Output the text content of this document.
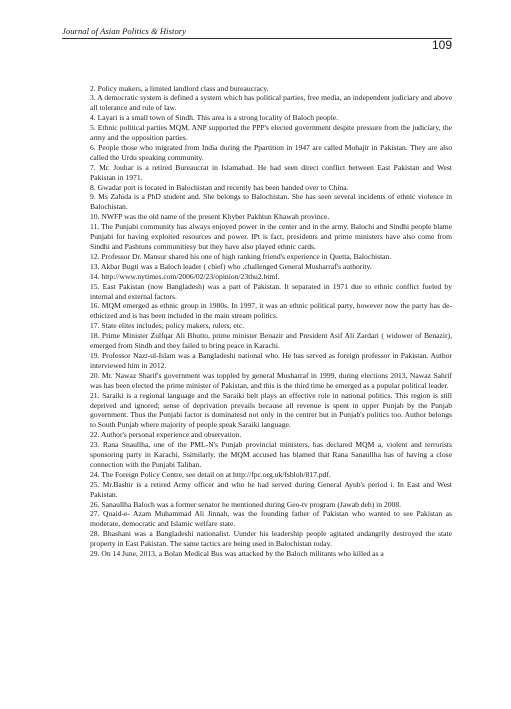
Journal of Asian Politics & History
109

2. Policy makers, a limited landlord class and bureaucracy.

3. A democratic system is defined a system which has political parties, free media, an independent judiciary and above all tolerance and rule of law.

4. Layari is a small town of Sindh. This area is a strong locality of Baloch people.

5. Ethnic political parties MQM, ANP supported the PPP's elected government despite pressure from the judiciary, the army and the opposition parties.

6. People those who migrated from India during the Ppartition in 1947 are called Mohajir in Pakistan. They are also called the Urdu speaking community.

7. Mr. Jouhar is a retired Bureaucrat in Islamabad. He had seen direct conflict between East Pakistan and West Pakistan in 1971.

8. Gwadar port is located in Balochistan and recently has been handed over to China.

9. Ms Zahida is a PhD student and. She belongs to Balochistan. She has seen several incidents of ethnic violence in Balochistan.

10. NWFP was the old name of the present Khyber Pakhtun Khawah province.

11. The Punjabi community has always enjoyed power in the center and in the army. Balochi and Sindhi people blame Punjabi for having exploited resources and power. IPt is fact, presidents and prime ministers have also come from Sindhi and Pashtuns communitiesy but they have also played ethnic cards.

12. Professor Dr. Mansur shared his one of high ranking friend's experience in Quetta, Balochistan.

13. Akbar Bugti was a Baloch leader ( chief) who ,challenged General Musharraf's authority.

14. http://www.nytimes.com/2006/02/23/opinion/23thu2.html.

15. East Pakistan (now Bangladesh) was a part of Pakistan. It separated in 1971 due to ethnic conflict fueled by internal and external factors.

16. MQM emerged as ethnic group in 1980s. In 1997, it was an ethnic political party, however now the party has de-ethicized and is has been included in the main stream politics.

17. State elites includes; policy makers, rulers, etc.

18. Prime Minister Zulfqar Ali Bhutto, prime minister Benazir and President Asif Ali Zardari ( widower of Benazir), emerged from Sindh and they failed to bring peace in Karachi.

19. Professor Nazr-ul-Islam was a Bangladeshi national who. He has served as foreign professor in Pakistan. Author interviewed him in 2012.

20. Mr. Nawaz Sharif's government was toppled by general Musharraf in 1999, during elections 2013, Nawaz Sahrif was has been elected the prime minister of Pakistan, and this is the third time he emerged as a popular political leader.

21. Saraiki is a regional language and the Saraiki belt plays an effective role in national politics. This region is still deprived and ignored; sense of deprivation prevails because all revenue is spent in upper Punjab by the Punjab government. Thus the Punjabi factor is dominatesd not only in the centrer but in Punjab's politics too. Author belongs to South Punjab where majority of people speak Saraiki language.

22. Author's personal experience and observation.

23. Rana Snaullha, one of the PML-N's Punjab provincial ministers, has declared MQM a, violent and terrorists sponsoring party in Karachi. Ssimilarly, the MQM accused has blamed that Rana Sanaullha has of having a close connection with the Punjabi Taliban.

24. The Foreign Policy Centre, see detail on at http://fpc.org.uk/fsblob/817.pdf.

25. Mr.Bashir is a retired Army officer and who he had served during General Ayub's period i. In East and West Pakistan.

26. Sanaullha Baloch was a former senator he mentioned during Geo-tv program (Jawab deh) in 2008.

27. Quaid-e- Azam Muhammad Ali Jinnah, was the founding father of Pakistan who wanted to see Pakistan as moderate, democratic and Islamic welfare state.

28. Bhashani was a Bangladeshi nationalist. Uunder his leadership people agitated andangrily destroyed the state property in East Pakistan. The same tactics are being used in Balochistan today.

29. On 14 June, 2013, a Bolan Medical Bus was attacked by the Baloch militants who killed as a
